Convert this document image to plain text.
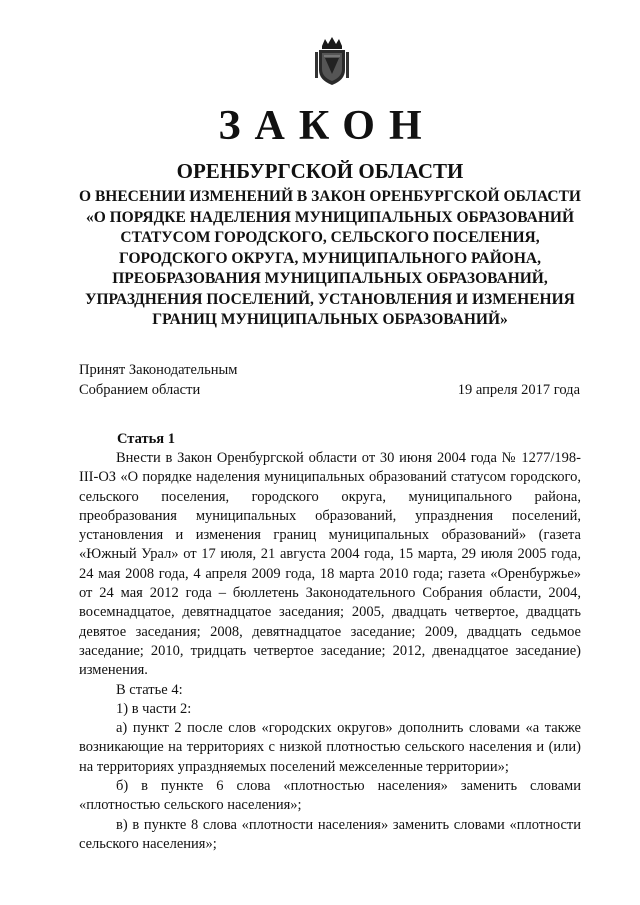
ЗАКОН
ОРЕНБУРГСКОЙ ОБЛАСТИ
О ВНЕСЕНИИ ИЗМЕНЕНИЙ В ЗАКОН ОРЕНБУРГСКОЙ ОБЛАСТИ
«О ПОРЯДКЕ НАДЕЛЕНИЯ МУНИЦИПАЛЬНЫХ ОБРАЗОВАНИЙ
СТАТУСОМ ГОРОДСКОГО, СЕЛЬСКОГО ПОСЕЛЕНИЯ,
ГОРОДСКОГО ОКРУГА, МУНИЦИПАЛЬНОГО РАЙОНА,
ПРЕОБРАЗОВАНИЯ МУНИЦИПАЛЬНЫХ ОБРАЗОВАНИЙ,
УПРАЗДНЕНИЯ ПОСЕЛЕНИЙ, УСТАНОВЛЕНИЯ И ИЗМЕНЕНИЯ
ГРАНИЦ МУНИЦИПАЛЬНЫХ ОБРАЗОВАНИЙ»
Принят Законодательным
Собранием области	19 апреля 2017 года
Статья 1

Внести в Закон Оренбургской области от 30 июня 2004 года № 1277/198-III-ОЗ «О порядке наделения муниципальных образований статусом городского, сельского поселения, городского округа, муниципального района, преобразования муниципальных образований, упразднения поселений, установления и изменения границ муниципальных образований» (газета «Южный Урал» от 17 июля, 21 августа 2004 года, 15 марта, 29 июля 2005 года, 24 мая 2008 года, 4 апреля 2009 года, 18 марта 2010 года; газета «Оренбуржье» от 24 мая 2012 года – бюллетень Законодательного Собрания области, 2004, восемнадцатое, девятнадцатое заседания; 2005, двадцать четвертое, двадцать девятое заседания; 2008, девятнадцатое заседание; 2009, двадцать седьмое заседание; 2010, тридцать четвертое заседание; 2012, двенадцатое заседание) изменения.

В статье 4:

1) в части 2:

а) пункт 2 после слов «городских округов» дополнить словами «а также возникающие на территориях с низкой плотностью сельского населения и (или) на территориях упраздняемых поселений межселенные территории»;

б) в пункте 6 слова «плотностью населения» заменить словами «плотностью сельского населения»;

в) в пункте 8 слова «плотности населения» заменить словами «плотности сельского населения»;
